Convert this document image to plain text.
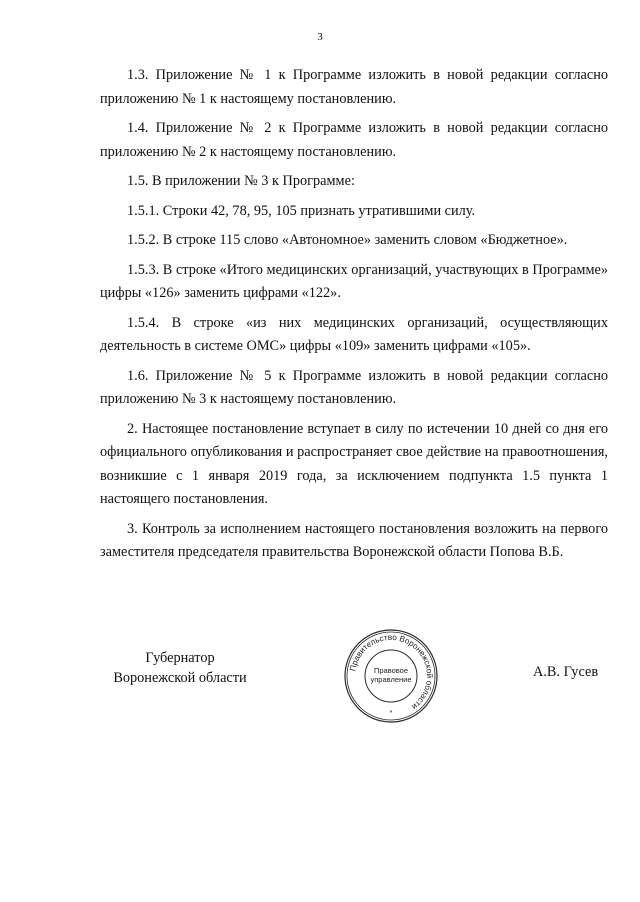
3

1.3. Приложение № 1 к Программе изложить в новой редакции согласно приложению № 1 к настоящему постановлению.

1.4. Приложение № 2 к Программе изложить в новой редакции согласно приложению № 2 к настоящему постановлению.

1.5. В приложении № 3 к Программе:

1.5.1. Строки 42, 78, 95, 105 признать утратившими силу.

1.5.2. В строке 115 слово «Автономное» заменить словом «Бюджетное».

1.5.3. В строке «Итого медицинских организаций, участвующих в Программе» цифры «126» заменить цифрами «122».

1.5.4. В строке «из них медицинских организаций, осуществляющих деятельность в системе ОМС» цифры «109» заменить цифрами «105».

1.6. Приложение № 5 к Программе изложить в новой редакции согласно приложению № 3 к настоящему постановлению.

2. Настоящее постановление вступает в силу по истечении 10 дней со дня его официального опубликования и распространяет свое действие на правоотношения, возникшие с 1 января 2019 года, за исключением подпункта 1.5 пункта 1 настоящего постановления.

3. Контроль за исполнением настоящего постановления возложить на первого заместителя председателя правительства Воронежской области Попова В.Б.

Губернатор
Воронежской области
Правительство Воронежской области
Правовое
управление
*
А.В. Гусев
